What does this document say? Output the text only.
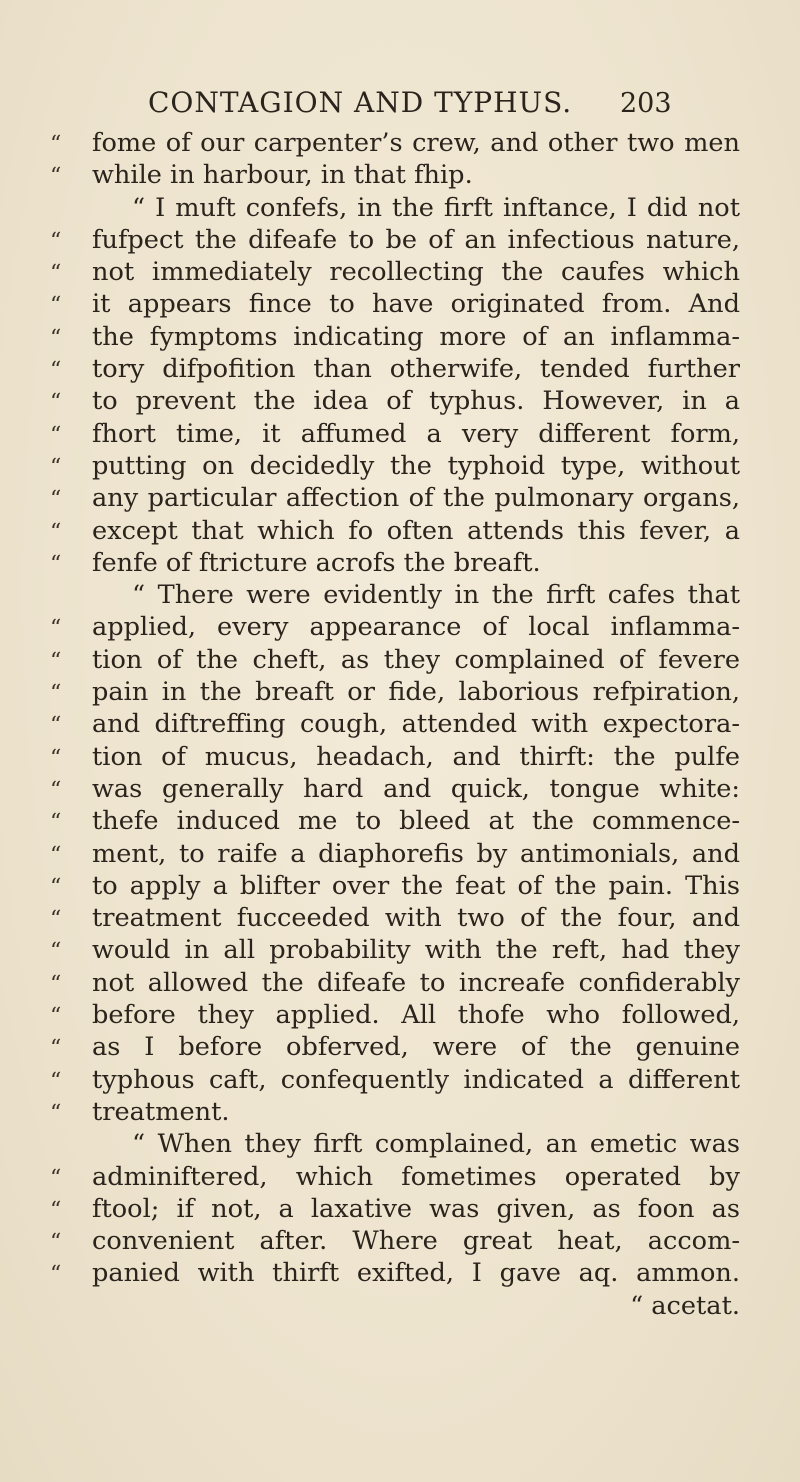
CONTAGION AND TYPHUS. 203
“	fome of our carpenter’s crew, and other two men
“	while in harbour, in that fhip.
“ I muft confefs, in the firft inftance, I did not
“	fufpect the difeafe to be of an infectious nature,
“	not immediately recollecting the caufes which
“	it appears fince to have originated from. And
“	the fymptoms indicating more of an inflamma-
“	tory difpofition than otherwife, tended further
“	to prevent the idea of typhus. However, in a
“	fhort time, it affumed a very different form,
“	putting on decidedly the typhoid type, without
“	any particular affection of the pulmonary organs,
“	except that which fo often attends this fever, a
“	fenfe of ftricture acrofs the breaft.
“ There were evidently in the firft cafes that
“	applied, every appearance of local inflamma-
“	tion of the cheft, as they complained of fevere
“	pain in the breaft or fide, laborious refpiration,
“	and diftreffing cough, attended with expectora-
“	tion of mucus, headach, and thirft: the pulfe
“	was generally hard and quick, tongue white:
“	thefe induced me to bleed at the commence-
“	ment, to raife a diaphorefis by antimonials, and
“	to apply a blifter over the feat of the pain. This
“	treatment fucceeded with two of the four, and
“	would in all probability with the reft, had they
“	not allowed the difeafe to increafe confiderably
“	before they applied. All thofe who followed,
“	as I before obferved, were of the genuine
“	typhous caft, confequently indicated a different
“	treatment.
“ When they firft complained, an emetic was
“	adminiftered, which fometimes operated by
“	ftool; if not, a laxative was given, as foon as
“	convenient after. Where great heat, accom-
“	panied with thirft exifted, I gave aq. ammon.
“ acetat.
